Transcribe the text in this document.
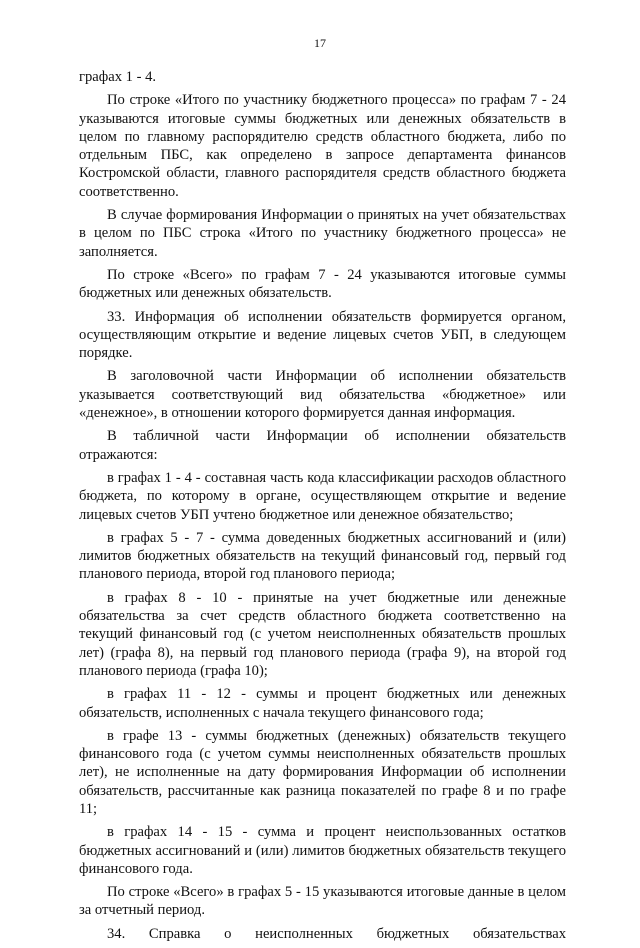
17

графах 1 - 4.

По строке «Итого по участнику бюджетного процесса» по графам 7 - 24 указываются итоговые суммы бюджетных или денежных обязательств в целом по главному распорядителю средств областного бюджета, либо по отдельным ПБС, как определено в запросе департамента финансов Костромской области, главного распорядителя средств областного бюджета соответственно.

В случае формирования Информации о принятых на учет обязательствах в целом по ПБС строка «Итого по участнику бюджетного процесса» не заполняется.

По строке «Всего» по графам 7 - 24 указываются итоговые суммы бюджетных или денежных обязательств.

33. Информация об исполнении обязательств формируется органом, осуществляющим открытие и ведение лицевых счетов УБП, в следующем порядке.

В заголовочной части Информации об исполнении обязательств указывается соответствующий вид обязательства «бюджетное» или «денежное», в отношении которого формируется данная информация.

В табличной части Информации об исполнении обязательств отражаются:

в графах 1 - 4 - составная часть кода классификации расходов областного бюджета, по которому в органе, осуществляющем открытие и ведение лицевых счетов УБП учтено бюджетное или денежное обязательство;

в графах 5 - 7 - сумма доведенных бюджетных ассигнований и (или) лимитов бюджетных обязательств на текущий финансовый год, первый год планового периода, второй год планового периода;

в графах 8 - 10 - принятые на учет бюджетные или денежные обязательства за счет средств областного бюджета соответственно на текущий финансовый год (с учетом неисполненных обязательств прошлых лет) (графа 8), на первый год планового периода (графа 9), на второй год планового периода (графа 10);

в графах 11 - 12 - суммы и процент бюджетных или денежных обязательств, исполненных с начала текущего финансового года;

в графе 13 - суммы бюджетных (денежных) обязательств текущего финансового года (с учетом суммы неисполненных обязательств прошлых лет), не исполненные на дату формирования Информации об исполнении обязательств, рассчитанные как разница показателей по графе 8 и по графе 11;

в графах 14 - 15 - сумма и процент неиспользованных остатков бюджетных ассигнований и (или) лимитов бюджетных обязательств текущего финансового года.

По строке «Всего» в графах 5 - 15 указываются итоговые данные в целом за отчетный период.

34. Справка о неисполненных бюджетных обязательствах
